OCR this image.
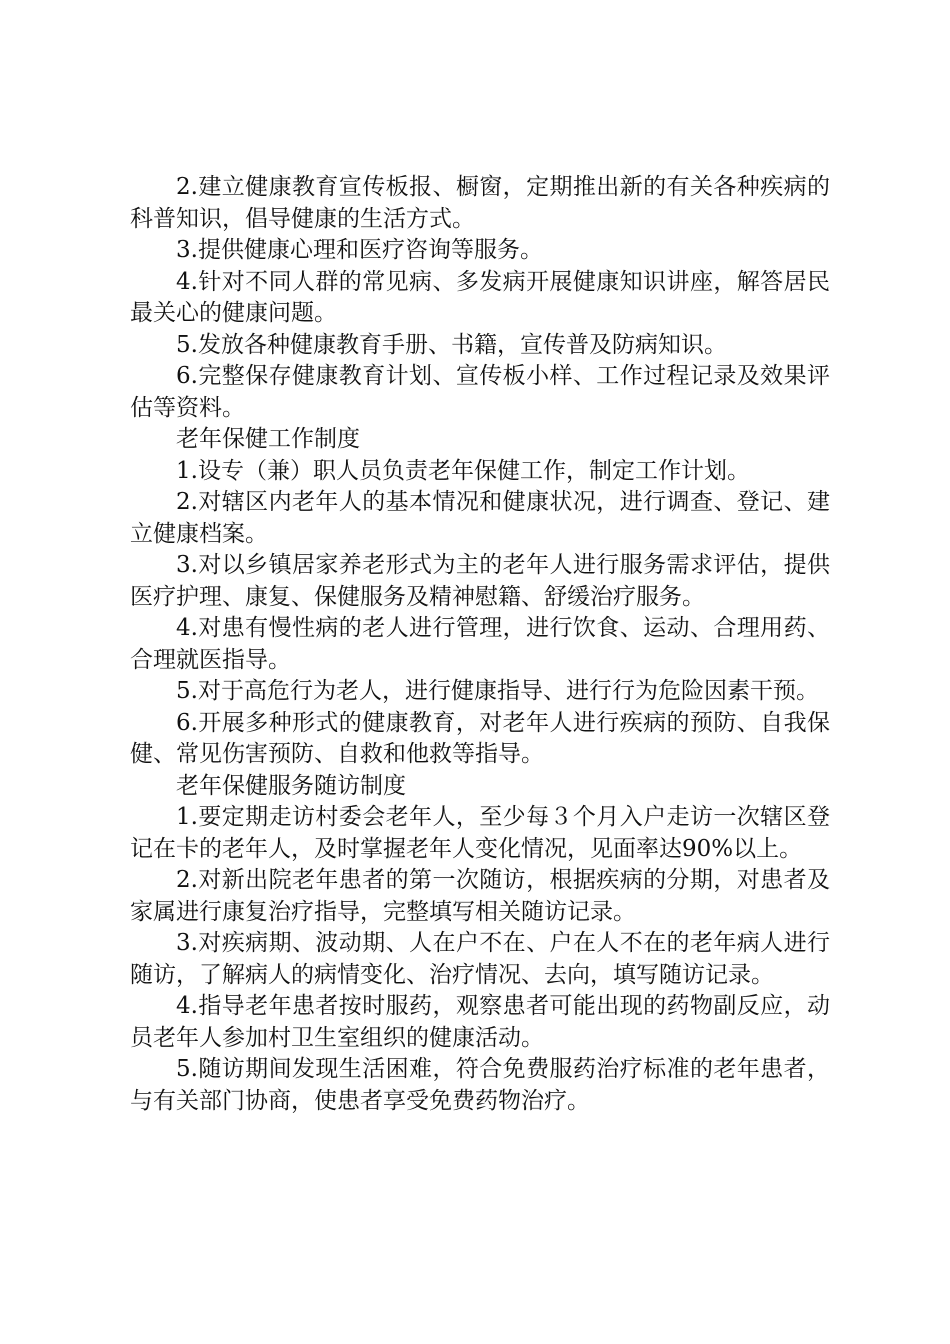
2.建立健康教育宣传板报、橱窗，定期推出新的有关各种疾病的科普知识，倡导健康的生活方式。

3.提供健康心理和医疗咨询等服务。

4.针对不同人群的常见病、多发病开展健康知识讲座，解答居民最关心的健康问题。

5.发放各种健康教育手册、书籍，宣传普及防病知识。

6.完整保存健康教育计划、宣传板小样、工作过程记录及效果评估等资料。

老年保健工作制度

1.设专（兼）职人员负责老年保健工作，制定工作计划。

2.对辖区内老年人的基本情况和健康状况，进行调查、登记、建立健康档案。

3.对以乡镇居家养老形式为主的老年人进行服务需求评估，提供医疗护理、康复、保健服务及精神慰籍、舒缓治疗服务。

4.对患有慢性病的老人进行管理，进行饮食、运动、合理用药、合理就医指导。

5.对于高危行为老人，进行健康指导、进行行为危险因素干预。

6.开展多种形式的健康教育，对老年人进行疾病的预防、自我保健、常见伤害预防、自救和他救等指导。

老年保健服务随访制度

1.要定期走访村委会老年人，至少每３个月入户走访一次辖区登记在卡的老年人，及时掌握老年人变化情况，见面率达90%以上。

2.对新出院老年患者的第一次随访，根据疾病的分期，对患者及家属进行康复治疗指导，完整填写相关随访记录。

3.对疾病期、波动期、人在户不在、户在人不在的老年病人进行随访，了解病人的病情变化、治疗情况、去向，填写随访记录。

4.指导老年患者按时服药，观察患者可能出现的药物副反应，动员老年人参加村卫生室组织的健康活动。

5.随访期间发现生活困难，符合免费服药治疗标准的老年患者，与有关部门协商，使患者享受免费药物治疗。
